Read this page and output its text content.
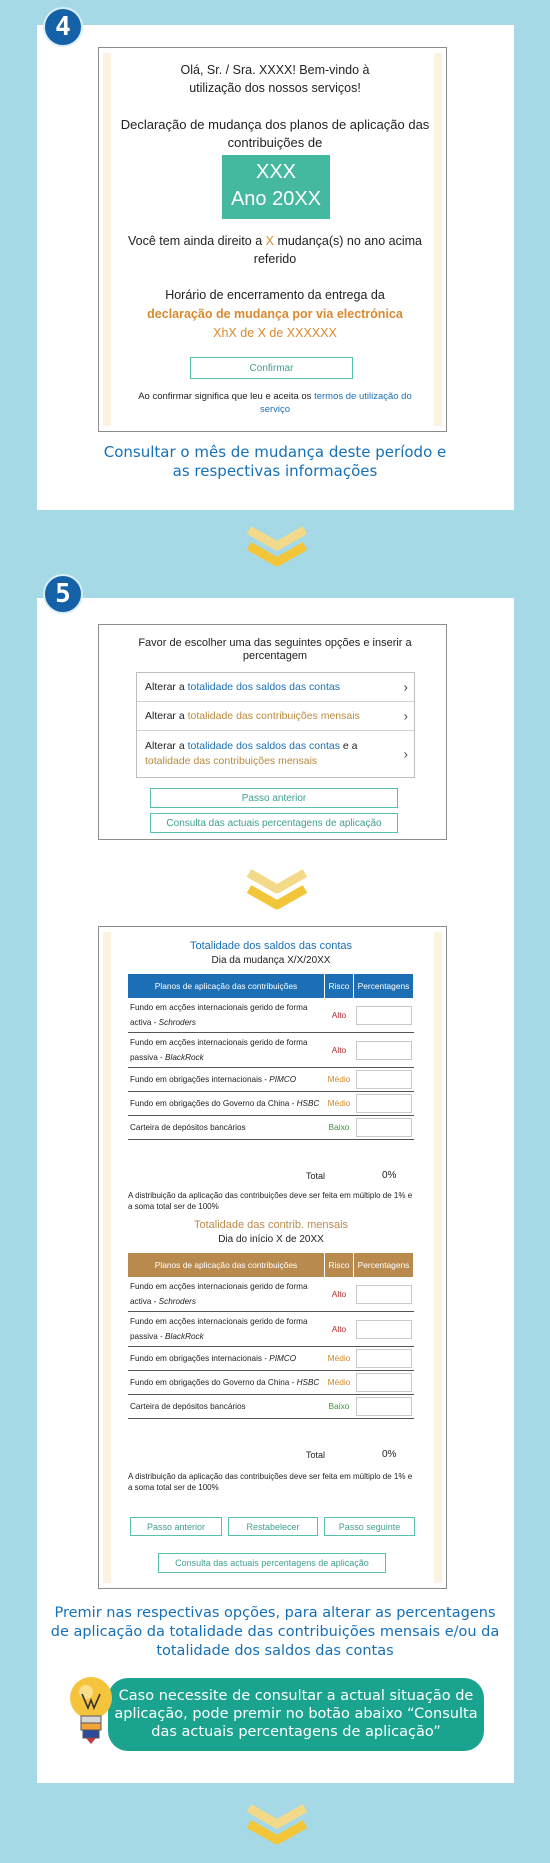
4
Olá, Sr. / Sra. XXXX! Bem-vindo à utilização dos nossos serviços!
Declaração de mudança dos planos de aplicação das contribuições de
XXX
Ano 20XX
Você tem ainda direito a X mudança(s) no ano acima referido
Horário de encerramento da entrega da
declaração de mudança por via electrónica
XhX de X de XXXXXX
Confirmar
Ao confirmar significa que leu e aceita os termos de utilização do serviço
Consultar o mês de mudança deste período e as respectivas informações
5
Favor de escolher uma das seguintes opções e inserir a percentagem
Alterar a totalidade dos saldos das contas	›
Alterar a totalidade das contribuições mensais	›
Alterar a totalidade dos saldos das contas e a totalidade das contribuições mensais	›
Passo anterior
Consulta das actuais percentagens de aplicação
Totalidade dos saldos das contas
Dia da mudança X/X/20XX
Planos de aplicação das contribuições	Risco	Percentagens
Fundo em acções internacionais gerido de forma activa - Schroders	Alto	

Fundo em acções internacionais gerido de forma passiva - BlackRock	Alto	

Fundo em obrigações internacionais - PIMCO	Médio	

Fundo em obrigações do Governo da China - HSBC	Médio	

Carteira de depósitos bancários	Baixo	
Total	0%
A distribuição da aplicação das contribuições deve ser feita em múltiplo de 1% e a soma total ser de 100%
Totalidade das contrib. mensais
Dia do início X de 20XX
Planos de aplicação das contribuições	Risco	Percentagens
Fundo em acções internacionais gerido de forma activa - Schroders	Alto	

Fundo em acções internacionais gerido de forma passiva - BlackRock	Alto	

Fundo em obrigações internacionais - PIMCO	Médio	

Fundo em obrigações do Governo da China - HSBC	Médio	

Carteira de depósitos bancários	Baixo	
Total	0%
A distribuição da aplicação das contribuições deve ser feita em múltiplo de 1% e a soma total ser de 100%
Passo anterior	Restabelecer	Passo seguinte
Consulta das actuais percentagens de aplicação
Premir nas respectivas opções, para alterar as percentagens de aplicação da totalidade das contribuições mensais e/ou da totalidade dos saldos das contas
Caso necessite de consultar a actual situação de aplicação, pode premir no botão abaixo “Consulta das actuais percentagens de aplicação”
